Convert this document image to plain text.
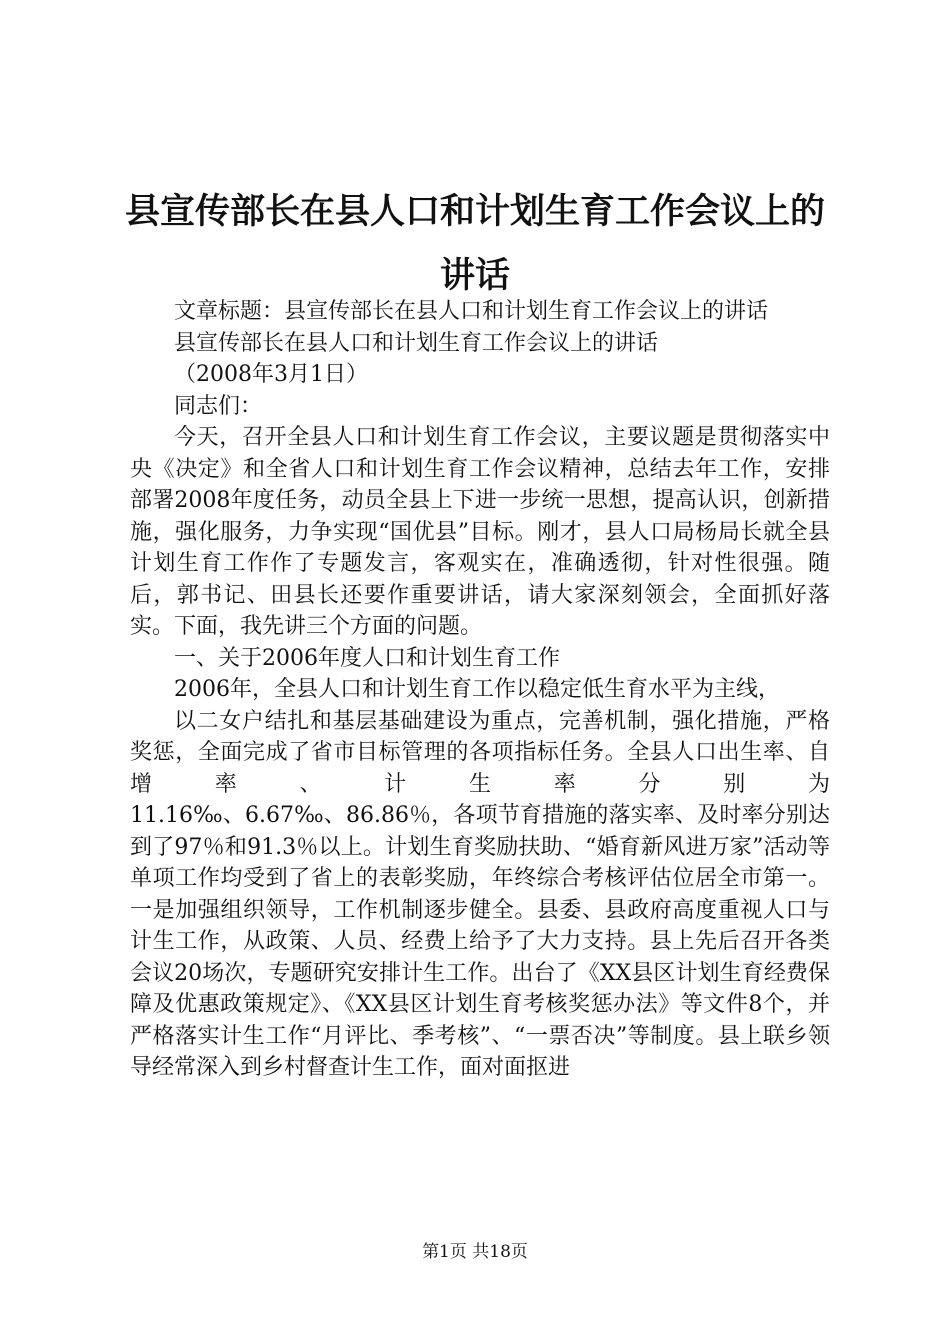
县宣传部长在县人口和计划生育工作会议上的讲话

文章标题：县宣传部长在县人口和计划生育工作会议上的讲话

县宣传部长在县人口和计划生育工作会议上的讲话

（2008年3月1日）

同志们：

今天，召开全县人口和计划生育工作会议，主要议题是贯彻落实中央《决定》和全省人口和计划生育工作会议精神，总结去年工作，安排部署2008年度任务，动员全县上下进一步统一思想，提高认识，创新措施，强化服务，力争实现“国优县”目标。刚才，县人口局杨局长就全县计划生育工作作了专题发言，客观实在，准确透彻，针对性很强。随后，郭书记、田县长还要作重要讲话，请大家深刻领会，全面抓好落实。下面，我先讲三个方面的问题。

一、关于2006年度人口和计划生育工作

2006年，全县人口和计划生育工作以稳定低生育水平为主线，

以二女户结扎和基层基础建设为重点，完善机制，强化措施，严格奖惩，全面完成了省市目标管理的各项指标任务。全县人口出生率、自增率、计生率分别为

11.16‰、6.67‰、86.86％，各项节育措施的落实率、及时率分别达到了97％和91.3％以上。计划生育奖励扶助、“婚育新风进万家”活动等单项工作均受到了省上的表彰奖励，年终综合考核评估位居全市第一。一是加强组织领导，工作机制逐步健全。县委、县政府高度重视人口与计生工作，从政策、人员、经费上给予了大力支持。县上先后召开各类会议20场次，专题研究安排计生工作。出台了《XX县区计划生育经费保障及优惠政策规定》、《XX县区计划生育考核奖惩办法》等文件8个，并严格落实计生工作“月评比、季考核”、“一票否决”等制度。县上联乡领导经常深入到乡村督查计生工作，面对面抠进

第1页 共18页
